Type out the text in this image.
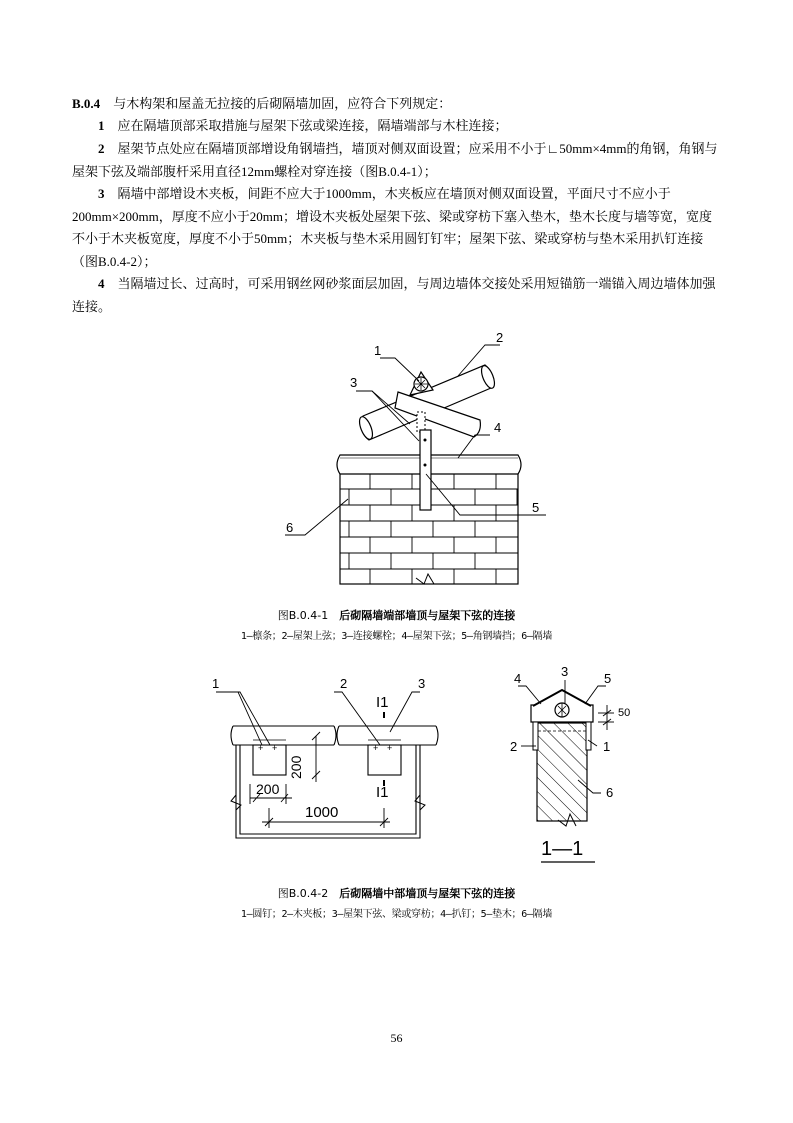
B.0.4　 与木构架和屋盖无拉接的后砌隔墙加固，应符合下列规定：

1　 应在隔墙顶部采取措施与屋架下弦或梁连接，隔墙端部与木柱连接；

2　 屋架节点处应在隔墙顶部增设角钢墙挡，墙顶对侧双面设置；应采用不小于∟50mm×4mm的角钢，角钢与屋架下弦及端部腹杆采用直径12mm螺栓对穿连接（图B.0.4-1）；

3　 隔墙中部增设木夹板，间距不应大于1000mm，木夹板应在墙顶对侧双面设置，平面尺寸不应小于200mm×200mm，厚度不应小于20mm；增设木夹板处屋架下弦、梁或穿枋下塞入垫木，垫木长度与墙等宽，宽度不小于木夹板宽度，厚度不小于50mm；木夹板与垫木采用圆钉钉牢；屋架下弦、梁或穿枋与垫木采用扒钉连接（图B.0.4-2）；

4　 当隔墙过长、过高时，可采用钢丝网砂浆面层加固，与周边墙体交接处采用短锚筋一端锚入周边墙体加强连接。

1
2
3
4
5
6
图B.0.4-1　 后砌隔墙端部墙顶与屋架下弦的连接
1—檩条；2—屋架上弦；3—连接螺栓；4—屋架下弦；5—角钢墙挡；6—隔墙
+ +	+ +
1	2	3
I1
I1
200
200
1000
3
4	5
2	1
6
50
1—1
图B.0.4-2　 后砌隔墙中部墙顶与屋架下弦的连接
1—圆钉；2—木夹板；3—屋架下弦、梁或穿枋；4—扒钉；5—垫木；6—隔墙
56
